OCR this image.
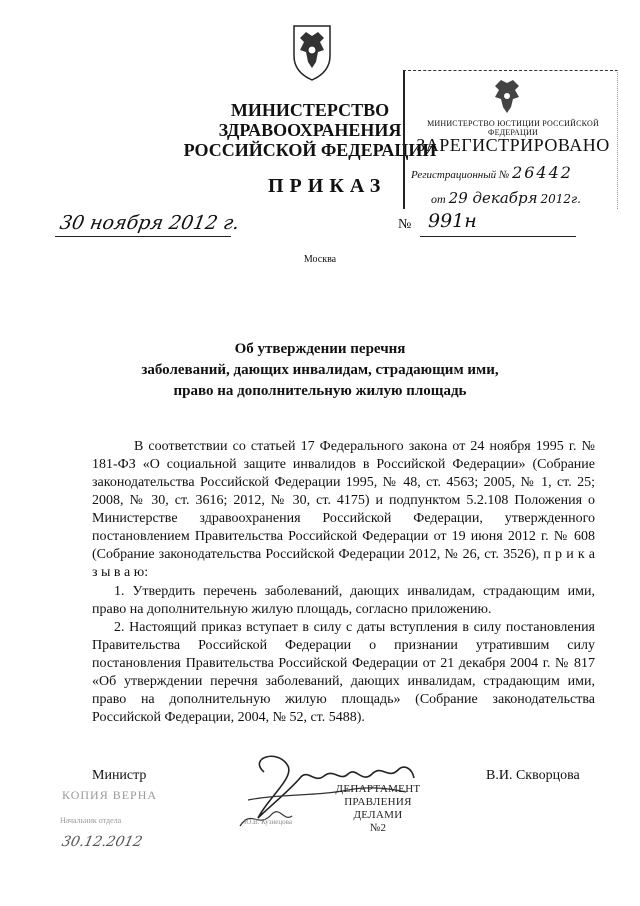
МИНИСТЕРСТВО ЗДРАВООХРАНЕНИЯ
РОССИЙСКОЙ ФЕДЕРАЦИИ
ПРИКАЗ
МИНИСТЕРСТВО ЮСТИЦИИ РОССИЙСКОЙ ФЕДЕРАЦИИ
ЗАРЕГИСТРИРОВАНО
Регистрационный № 26442
от 29 декабря 2012г.
30 ноября 2012 г.	№ 991н
Москва
Об утверждении перечня
заболеваний, дающих инвалидам, страдающим ими,
право на дополнительную жилую площадь
В соответствии со статьей 17 Федерального закона от 24 ноября 1995 г. № 181-ФЗ «О социальной защите инвалидов в Российской Федерации» (Собрание законодательства Российской Федерации 1995, № 48, ст. 4563; 2005, № 1, ст. 25; 2008, № 30, ст. 3616; 2012, № 30, ст. 4175) и подпунктом 5.2.108 Положения о Министерстве здравоохранения Российской Федерации, утвержденного постановлением Правительства Российской Федерации от 19 июня 2012 г. № 608 (Собрание законодательства Российской Федерации 2012, № 26, ст. 3526), п р и к а з ы в а ю:
1. Утвердить перечень заболеваний, дающих инвалидам, страдающим ими, право на дополнительную жилую площадь, согласно приложению.
2. Настоящий приказ вступает в силу с даты вступления в силу постановления Правительства Российской Федерации о признании утратившим силу постановления Правительства Российской Федерации от 21 декабря 2004 г. № 817 «Об утверждении перечня заболеваний, дающих инвалидам, страдающим ими, право на дополнительную жилую площадь» (Собрание законодательства Российской Федерации, 2004, № 52, ст. 5488).
Министр	В.И. Скворцова
ДЕПАРТАМЕНТ
ПРАВЛЕНИЯ
ДЕЛАМИ
№2
КОПИЯ ВЕРНА
Начальник отдела
30.12.2012
Ю.В. Кузнецова
